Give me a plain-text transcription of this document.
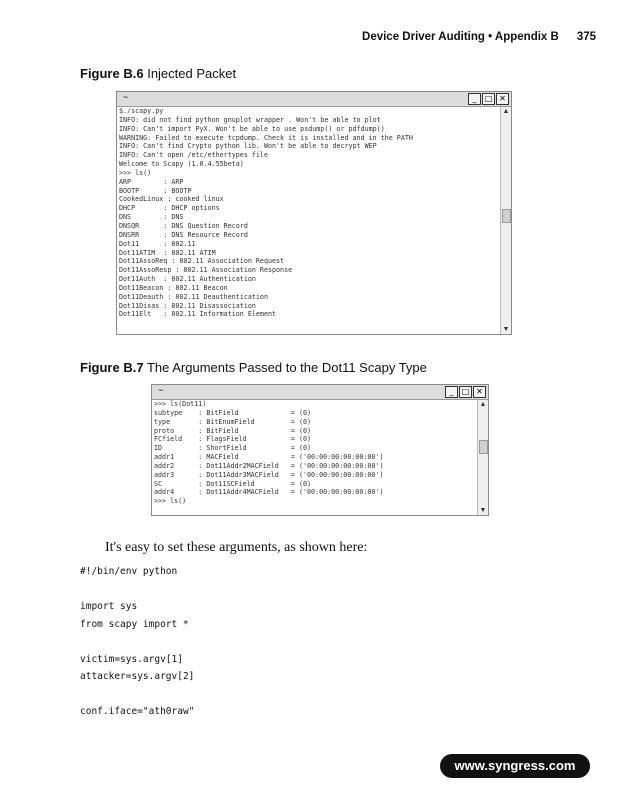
Device Driver Auditing • Appendix B 375
Figure B.6 Injected Packet
~	_	□ ✕
$./scapy.py
INFO: did not find python gnuplot wrapper . Won't be able to plot
INFO: Can't import PyX. Won't be able to use psdump() or pdfdump()
WARNING: Failed to execute tcpdump. Check it is installed and in the PATH
INFO: Can't find Crypto python lib. Won't be able to decrypt WEP
INFO: Can't open /etc/ethertypes file
Welcome to Scapy (1.0.4.55beta)
>>> ls()
ARP        : ARP
BOOTP      : BOOTP
CookedLinux : cooked linux
DHCP       : DHCP options
DNS        : DNS
DNSQR      : DNS Question Record
DNSRR      : DNS Resource Record
Dot11      : 802.11
Dot11ATIM  : 802.11 ATIM
Dot11AssoReq : 802.11 Association Request
Dot11AssoResp : 802.11 Association Response
Dot11Auth  : 802.11 Authentication
Dot11Beacon : 802.11 Beacon
Dot11Deauth : 802.11 Deauthentication
Dot11Disas : 802.11 Disassociation
Dot11Elt   : 802.11 Information Element
▲
▼
Figure B.7 The Arguments Passed to the Dot11 Scapy Type
~	_	□ ✕
>>> ls(Dot11)
subtype    : BitField             = (0)
type       : BitEnumField         = (0)
proto      : BitField             = (0)
FCfield    : FlagsField           = (0)
ID         : ShortField           = (0)
addr1      : MACField             = ('00:00:00:00:00:00')
addr2      : Dot11Addr2MACField   = ('00:00:00:00:00:00')
addr3      : Dot11Addr3MACField   = ('00:00:00:00:00:00')
SC         : Dot11SCField         = (0)
addr4      : Dot11Addr4MACField   = ('00:00:00:00:00:00')
>>> ls()
▲
▼
It's easy to set these arguments, as shown here:
#!/bin/env python

import sys
from scapy import *

victim=sys.argv[1]
attacker=sys.argv[2]

conf.iface="ath0raw"
www.syngress.com
